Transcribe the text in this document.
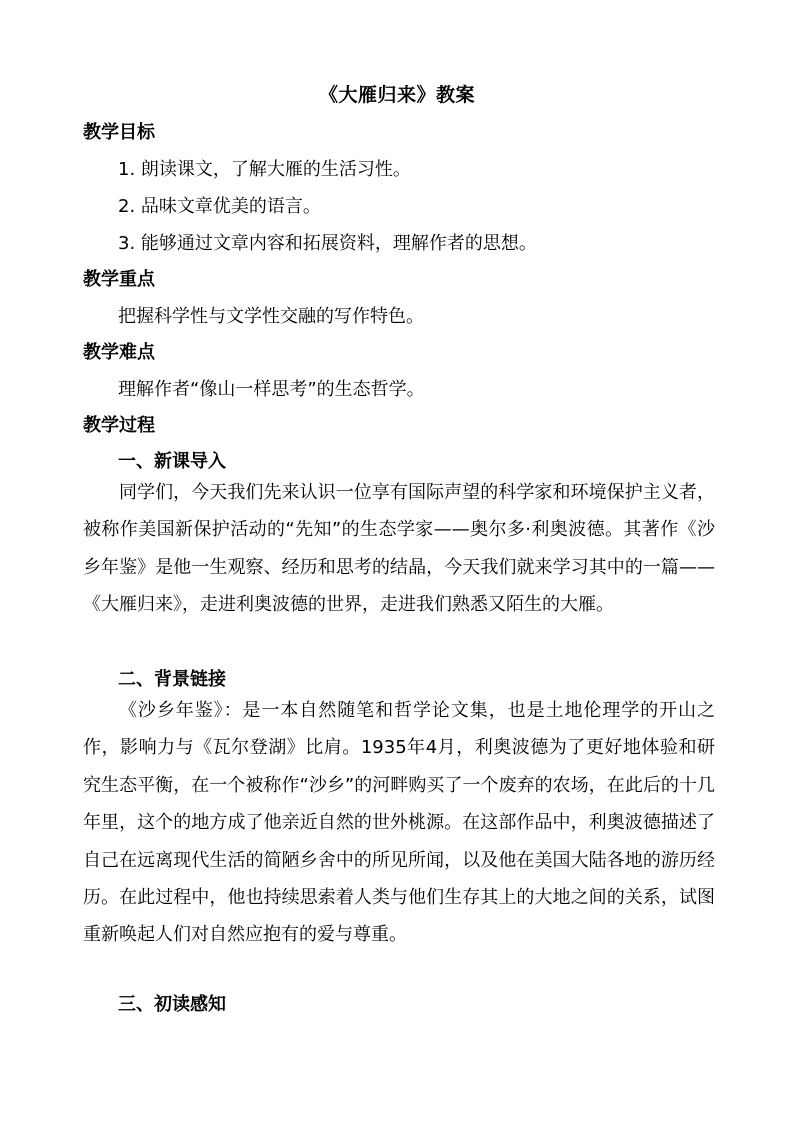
《大雁归来》教案
教学目标
1. 朗读课文，了解大雁的生活习性。
2. 品味文章优美的语言。
3. 能够通过文章内容和拓展资料，理解作者的思想。
教学重点
把握科学性与文学性交融的写作特色。
教学难点
理解作者“像山一样思考”的生态哲学。
教学过程
一、新课导入

同学们，今天我们先来认识一位享有国际声望的科学家和环境保护主义者，被称作美国新保护活动的“先知”的生态学家——奥尔多·利奥波德。其著作《沙乡年鉴》是他一生观察、经历和思考的结晶，今天我们就来学习其中的一篇—— 《大雁归来》，走进利奥波德的世界，走进我们熟悉又陌生的大雁。

二、背景链接

《沙乡年鉴》：是一本自然随笔和哲学论文集，也是土地伦理学的开山之作，影响力与《瓦尔登湖》比肩。1935年4月，利奥波德为了更好地体验和研究生态平衡，在一个被称作“沙乡”的河畔购买了一个废弃的农场，在此后的十几年里，这个的地方成了他亲近自然的世外桃源。在这部作品中，利奥波德描述了自己在远离现代生活的简陋乡舍中的所见所闻，以及他在美国大陆各地的游历经历。在此过程中，他也持续思索着人类与他们生存其上的大地之间的关系，试图重新唤起人们对自然应抱有的爱与尊重。

三、初读感知
